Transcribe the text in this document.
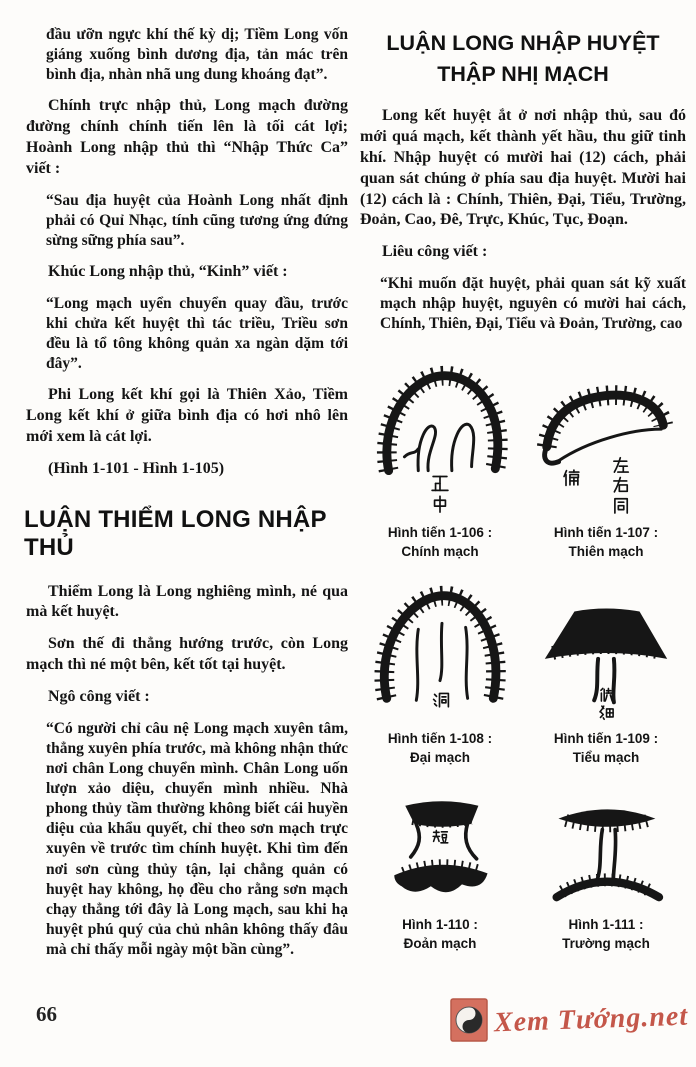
đầu ưỡn ngực khí thế kỳ dị; Tiềm Long vốn giáng xuống bình dương địa, tản mác trên bình địa, nhàn nhã ung dung khoáng đạt”.

Chính trực nhập thủ, Long mạch đường đường chính chính tiến lên là tối cát lợi; Hoành Long nhập thủ thì “Nhập Thức Ca” viết :

“Sau địa huyệt của Hoành Long nhất định phải có Quỉ Nhạc, tính cũng tương ứng đứng sừng sững phía sau”.

Khúc Long nhập thủ, “Kinh” viết :

“Long mạch uyển chuyển quay đầu, trước khi chửa kết huyệt thì tác triều, Triều sơn đều là tổ tông không quản xa ngàn dặm tới đây”.

Phi Long kết khí gọi là Thiên Xảo, Tiềm Long kết khí ở giữa bình địa có hơi nhô lên mới xem là cát lợi.

(Hình 1-101 - Hình 1-105)

LUẬN THIỂM LONG NHẬP THỦ

Thiểm Long là Long nghiêng mình, né qua mà kết huyệt.

Sơn thế đi thẳng hướng trước, còn Long mạch thì né một bên, kết tốt tại huyệt.

Ngô công viết :

“Có người chỉ câu nệ Long mạch xuyên tâm, thẳng xuyên phía trước, mà không nhận thức nơi chân Long chuyển mình. Chân Long uốn lượn xảo diệu, chuyển mình nhiều. Nhà phong thủy tầm thường không biết cái huyền diệu của khẩu quyết, chỉ theo sơn mạch trực xuyên về trước tìm chính huyệt. Khi tìm đến nơi sơn cùng thủy tận, lại chẳng quản có huyệt hay không, họ đều cho rằng sơn mạch chạy thẳng tới đây là Long mạch, sau khi hạ huyệt phú quý của chủ nhân không thấy đâu mà chỉ thấy mỗi ngày một bần cùng”.

LUẬN LONG NHẬP HUYỆT
THẬP NHỊ MẠCH

Long kết huyệt ắt ở nơi nhập thủ, sau đó mới quá mạch, kết thành yết hầu, thu giữ tinh khí. Nhập huyệt có mười hai (12) cách, phải quan sát chúng ở phía sau địa huyệt. Mười hai (12) cách là : Chính, Thiên, Đại, Tiểu, Trường, Đoản, Cao, Đê, Trực, Khúc, Tục, Đoạn.

Liêu công viết :

“Khi muốn đặt huyệt, phải quan sát kỹ xuất mạch nhập huyệt, nguyên có mười hai cách, Chính, Thiên, Đại, Tiểu và Đoản, Trường, cao

Hình tiến 1-106 :
Chính mạch
Hình tiến 1-107 :
Thiên mạch
Hình tiến 1-108 :
Đại mạch
Hình tiến 1-109 :
Tiểu mạch
Hình 1-110 :
Đoản mạch
Hình 1-111 :
Trường mạch
66	Xem Tướng.net
